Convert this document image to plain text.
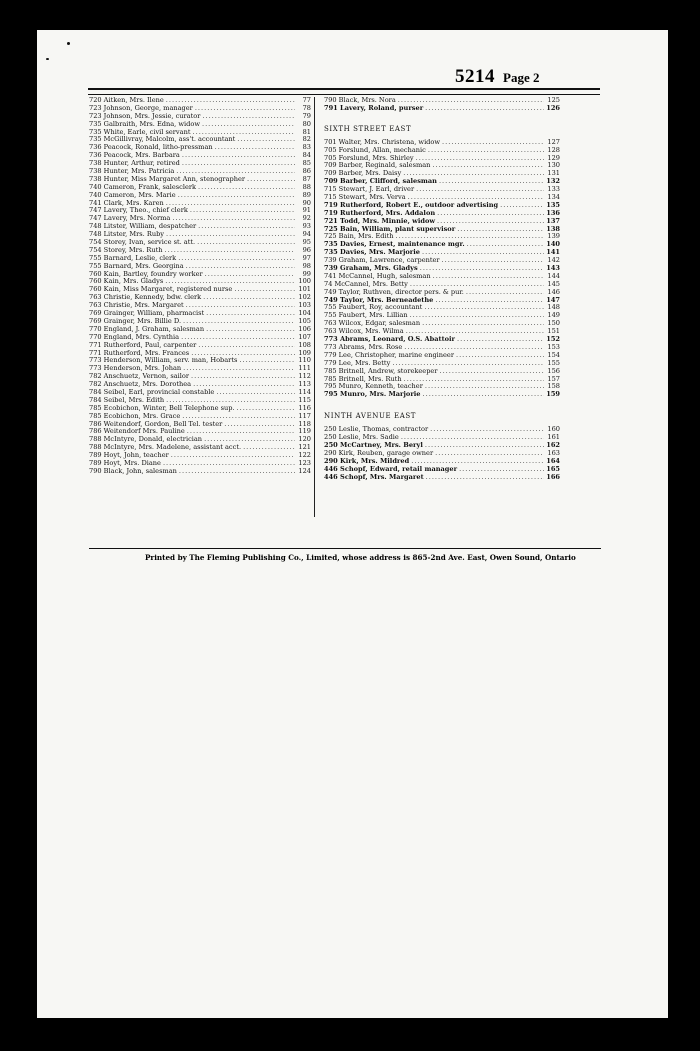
5214 Page 2
720 Aitken, Mrs. Ilene .....	77
723 Johnson, George, manager .....	78
723 Johnson, Mrs. Jessie, curator .....	79
735 Galbraith, Mrs. Edna, widow .....	80
735 White, Earle, civil servant .....	81
735 McGillivray, Malcolm, ass't. accountant .....	82
736 Peacock, Ronald, litho-pressman .....	83
736 Peacock, Mrs. Barbara .....	84
738 Hunter, Arthur, retired .....	85
738 Hunter, Mrs. Patricia .....	86
738 Hunter, Miss Margaret Ann, stenographer .....	87
740 Cameron, Frank, salesclerk .....	88
740 Cameron, Mrs. Marie .....	89
741 Clark, Mrs. Karen .....	90
747 Lavery, Theo., chief clerk .....	91
747 Lavery, Mrs. Norma .....	92
748 Litster, William, despatcher .....	93
748 Litster, Mrs. Ruby .....	94
754 Storey, Ivan, service st. att. .....	95
754 Storey, Mrs. Ruth .....	96
755 Barnard, Leslie, clerk .....	97
755 Barnard, Mrs. Georgina .....	98
760 Kain, Bartley, foundry worker .....	99
760 Kain, Mrs. Gladys .....	100
760 Kain, Miss Margaret, registered nurse .....	101
763 Christie, Kennedy, bdw. clerk .....	102
763 Christie, Mrs. Margaret .....	103
769 Grainger, William, pharmacist .....	104
769 Grainger, Mrs. Billie D. .....	105
770 England, J. Graham, salesman .....	106
770 England, Mrs. Cynthia .....	107
771 Rutherford, Paul, carpenter .....	108
771 Rutherford, Mrs. Frances .....	109
773 Henderson, William, serv. man, Hobarts .....	110
773 Henderson, Mrs. Johan .....	111
782 Anschuetz, Vernon, sailor .....	112
782 Anschuetz, Mrs. Dorothea .....	113
784 Seibel, Earl, provincial constable .....	114
784 Seibel, Mrs. Edith .....	115
785 Ecobichon, Winter, Bell Telephone sup. .....	116
785 Ecobichon, Mrs. Grace .....	117
786 Weitendorf, Gordon, Bell Tel. tester .....	118
786 Weitendorf Mrs. Pauline .....	119
788 McIntyre, Donald, electrician .....	120
788 McIntyre, Mrs. Madelene, assistant acct. .....	121
789 Hoyt, John, teacher .....	122
789 Hoyt, Mrs. Diane .....	123
790 Black, John, salesman .....	124
790 Black, Mrs. Nora .....	125
791 Lavery, Roland, purser .....	126
SIXTH STREET EAST
701 Walter, Mrs. Christena, widow .....	127
705 Forslund, Allan, mechanic .....	128
705 Forslund, Mrs. Shirley .....	129
709 Barber, Reginald, salesman .....	130
709 Barber, Mrs. Daisy .....	131
709 Barber, Clifford, salesman .....	132
715 Stewart, J. Earl, driver .....	133
715 Stewart, Mrs. Verva .....	134
719 Rutherford, Robert E., outdoor advertising .....	135
719 Rutherford, Mrs. Addalon .....	136
721 Todd, Mrs. Minnie, widow .....	137
725 Bain, William, plant supervisor .....	138
725 Bain, Mrs. Edith .....	139
735 Davies, Ernest, maintenance mgr. .....	140
735 Davies, Mrs. Marjorie .....	141
739 Graham, Lawrence, carpenter .....	142
739 Graham, Mrs. Gladys .....	143
741 McCannel, Hugh, salesman .....	144
74 McCannel, Mrs. Betty .....	145
749 Taylor, Ruthven, director pers. & pur. .....	146
749 Taylor, Mrs. Berneadethe .....	147
755 Faubert, Roy, accountant .....	148
755 Faubert, Mrs. Lillian .....	149
763 Wilcox, Edgar, salesman .....	150
763 Wilcox, Mrs. Wilma .....	151
773 Abrams, Leonard, O.S. Abattoir .....	152
773 Abrams, Mrs. Rose .....	153
779 Lee, Christopher, marine engineer .....	154
779 Lee, Mrs. Betty .....	155
785 Britnell, Andrew, storekeeper .....	156
785 Britnell, Mrs. Ruth .....	157
795 Munro, Kenneth, teacher .....	158
795 Munro, Mrs. Marjorie .....	159
NINTH AVENUE EAST
250 Leslie, Thomas, contractor .....	160
250 Leslie, Mrs. Sadie .....	161
250 McCartney, Mrs. Beryl .....	162
290 Kirk, Reuben, garage owner .....	163
290 Kirk, Mrs. Mildred .....	164
446 Schopf, Edward, retail manager .....	165
446 Schopf, Mrs. Margaret .....	166
Printed by The Fleming Publishing Co., Limited, whose address is 865-2nd Ave. East, Owen Sound, Ontario
